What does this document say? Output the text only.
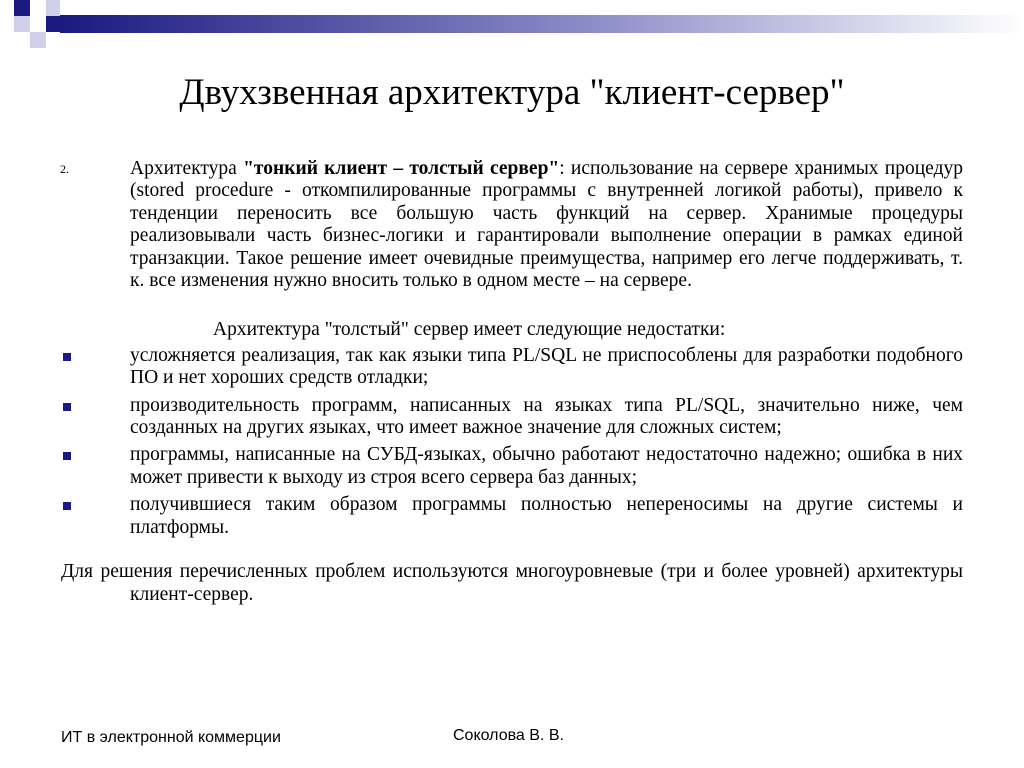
Двухзвенная архитектура "клиент-сервер"
2.	Архитектура "тонкий клиент – толстый сервер": использование на сервере хранимых процедур (stored procedure - откомпилированные программы с внутренней логикой работы), привело к тенденции переносить все большую часть функций на сервер. Хранимые процедуры реализовывали часть бизнес-логики и гарантировали выполнение операции в рамках единой транзакции. Такое решение имеет очевидные преимущества, например его легче поддерживать, т. к. все изменения нужно вносить только в одном месте – на сервере.
Архитектура "толстый" сервер имеет следующие недостатки:
усложняется реализация, так как языки типа PL/SQL не приспособлены для разработки подобного ПО и нет хороших средств отладки;
производительность программ, написанных на языках типа PL/SQL, значительно ниже, чем созданных на других языках, что имеет важное значение для сложных систем;
программы, написанные на СУБД-языках, обычно работают недостаточно надежно; ошибка в них может привести к выходу из строя всего сервера баз данных;
получившиеся таким образом программы полностью непереносимы на другие системы и платформы.
Для решения перечисленных проблем используются многоуровневые (три и более уровней) архитектуры клиент-сервер.
ИТ в электронной коммерции	Соколова В. В.
